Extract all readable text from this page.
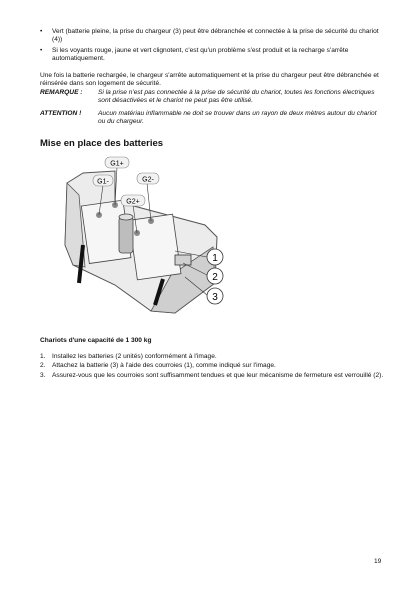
•	Vert (batterie pleine, la prise du chargeur (3) peut être débranchée et connectée à la prise de sécurité du chariot (4))
•	Si les voyants rouge, jaune et vert clignotent, c'est qu'un problème s'est produit et la recharge s'arrête automatiquement.

Une fois la batterie rechargée, le chargeur s'arrête automatiquement et la prise du chargeur peut être débranchée et réinsérée dans son logement de sécurité.

REMARQUE :	Si la prise n'est pas connectée à la prise de sécurité du chariot, toutes les fonctions électriques sont désactivées et le chariot ne peut pas être utilisé.
ATTENTION !	Aucun matériau inflammable ne doit se trouver dans un rayon de deux mètres autour du chariot ou du chargeur.
Mise en place des batteries
G1+
G1-	G2-
G2+
1
2
3
Chariots d'une capacité de 1 300 kg
1. Installez les batteries (2 unités) conformément à l'image.
2. Attachez la batterie (3) à l'aide des courroies (1), comme indiqué sur l'image.
3. Assurez-vous que les courroies sont suffisamment tendues et que leur mécanisme de fermeture est verrouillé (2).
19
